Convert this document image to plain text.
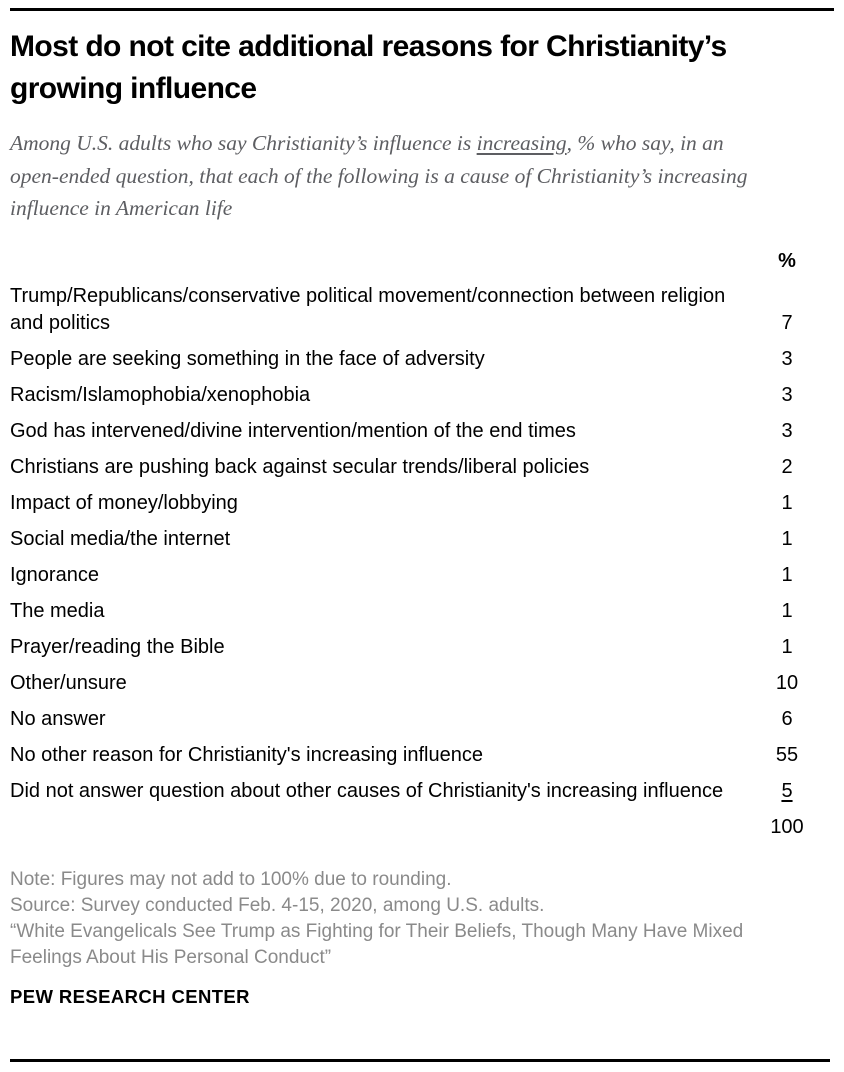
Most do not cite additional reasons for Christianity’s growing influence

Among U.S. adults who say Christianity’s influence is increasing, % who say, in an open-ended question, that each of the following is a cause of Christianity’s increasing influence in American life

%
Trump/Republicans/conservative political movement/connection between religion and politics	7
People are seeking something in the face of adversity	3
Racism/Islamophobia/xenophobia	3
God has intervened/divine intervention/mention of the end times	3
Christians are pushing back against secular trends/liberal policies	2
Impact of money/lobbying	1
Social media/the internet	1
Ignorance	1
The media	1
Prayer/reading the Bible	1
Other/unsure	10
No answer	6
No other reason for Christianity's increasing influence	55
Did not answer question about other causes of Christianity's increasing influence	5
100

Note: Figures may not add to 100% due to rounding.

Source: Survey conducted Feb. 4-15, 2020, among U.S. adults.

“White Evangelicals See Trump as Fighting for Their Beliefs, Though Many Have Mixed Feelings About His Personal Conduct”

PEW RESEARCH CENTER
